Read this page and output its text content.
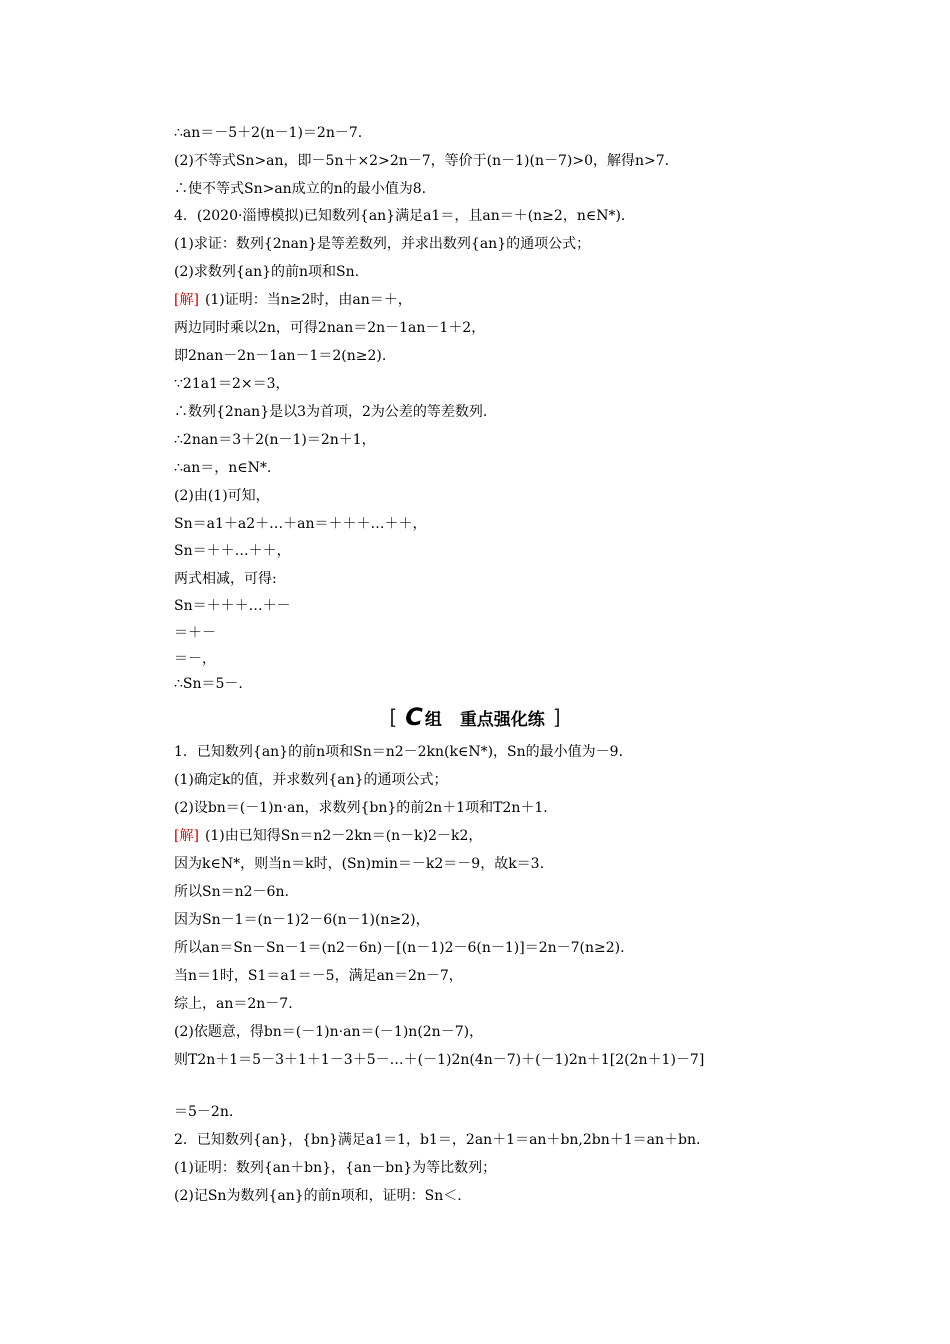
∴an＝－5＋2(n－1)＝2n－7.
(2)不等式Sn>an，即－5n＋×2>2n－7，等价于(n－1)(n－7)>0，解得n>7.
∴使不等式Sn>an成立的n的最小值为8.
4．(2020·淄博模拟)已知数列{an}满足a1＝，且an＝＋(n≥2，n∈N*).
(1)求证：数列{2nan}是等差数列，并求出数列{an}的通项公式；
(2)求数列{an}的前n项和Sn.
[解] (1)证明：当n≥2时，由an＝＋，
两边同时乘以2n，可得2nan＝2n－1an－1＋2，
即2nan－2n－1an－1＝2(n≥2).
∵21a1＝2×＝3，
∴数列{2nan}是以3为首项，2为公差的等差数列.
∴2nan＝3＋2(n－1)＝2n＋1，
∴an＝，n∈N*.
(2)由(1)可知，
Sn＝a1＋a2＋…＋an＝＋＋＋…＋＋，
Sn＝＋＋…＋＋，
两式相减，可得:
Sn＝＋＋＋…＋－
＝＋－
＝－，
∴Sn＝5－.
[ C 组 重点强化练 ]
1．已知数列{an}的前n项和Sn＝n2－2kn(k∈N*)，Sn的最小值为－9.
(1)确定k的值，并求数列{an}的通项公式；
(2)设bn＝(－1)n·an，求数列{bn}的前2n＋1项和T2n＋1.
[解] (1)由已知得Sn＝n2－2kn＝(n－k)2－k2，
因为k∈N*，则当n＝k时，(Sn)min＝－k2＝－9，故k＝3.
所以Sn＝n2－6n.
因为Sn－1＝(n－1)2－6(n－1)(n≥2)，
所以an＝Sn－Sn－1＝(n2－6n)－[(n－1)2－6(n－1)]＝2n－7(n≥2).
当n＝1时，S1＝a1＝－5，满足an＝2n－7，
综上，an＝2n－7.
(2)依题意，得bn＝(－1)n·an＝(－1)n(2n－7)，
则T2n＋1＝5－3＋1＋1－3＋5－…＋(－1)2n(4n－7)＋(－1)2n＋1[2(2n＋1)－7]
＝5－2n.
2．已知数列{an}，{bn}满足a1＝1，b1＝，2an＋1＝an＋bn,2bn＋1＝an＋bn.
(1)证明：数列{an＋bn}，{an－bn}为等比数列；
(2)记Sn为数列{an}的前n项和，证明：Sn＜.
